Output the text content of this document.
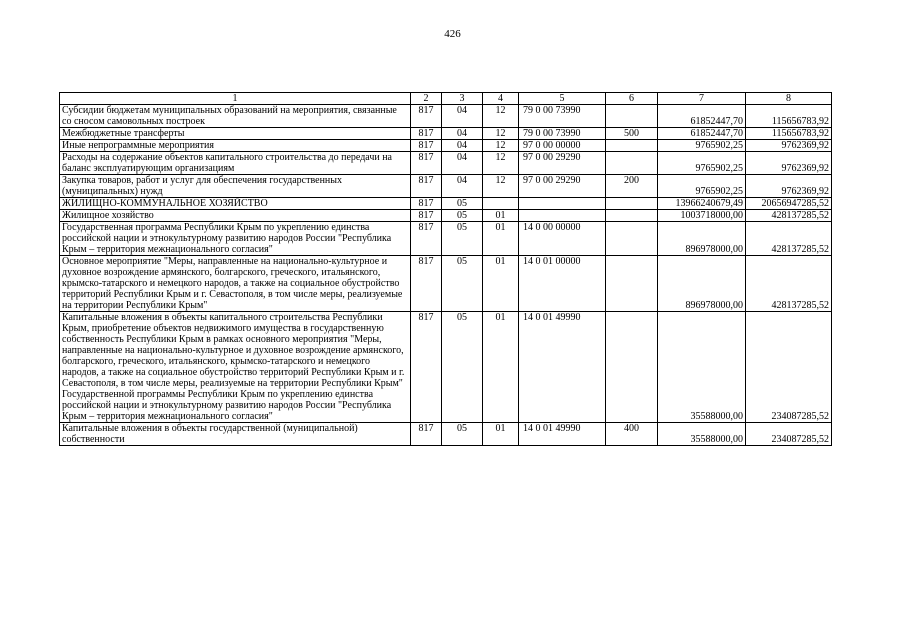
426
1	2	3	4	5	6	7	8
Субсидии бюджетам муниципальных образований на мероприятия, связанные со сносом самовольных построек	817	04	12	79 0 00 73990		61852447,70	115656783,92
Межбюджетные трансферты	817	04	12	79 0 00 73990	500	61852447,70	115656783,92
Иные непрограммные мероприятия	817	04	12	97 0 00 00000		9765902,25	9762369,92
Расходы на содержание объектов капитального строительства до передачи на баланс эксплуатирующим организациям	817	04	12	97 0 00 29290		9765902,25	9762369,92
Закупка товаров, работ и услуг для обеспечения государственных (муниципальных) нужд	817	04	12	97 0 00 29290	200	9765902,25	9762369,92
ЖИЛИЩНО-КОММУНАЛЬНОЕ ХОЗЯЙСТВО	817	05				13966240679,49	20656947285,52
Жилищное хозяйство	817	05	01			1003718000,00	428137285,52
Государственная программа Республики Крым по укреплению единства российской нации и этнокультурному развитию народов России "Республика Крым – территория межнационального согласия"	817	05	01	14 0 00 00000		896978000,00	428137285,52
Основное мероприятие "Меры, направленные на национально-культурное и духовное возрождение армянского, болгарского, греческого, итальянского, крымско-татарского и немецкого народов, а также на социальное обустройство территорий Республики Крым и г. Севастополя, в том числе меры, реализуемые на территории Республики Крым"	817	05	01	14 0 01 00000		896978000,00	428137285,52
Капитальные вложения в объекты капитального строительства Республики Крым, приобретение объектов недвижимого имущества в государственную собственность Республики Крым в рамках основного мероприятия "Меры, направленные на национально-культурное и духовное возрождение армянского, болгарского, греческого, итальянского, крымско-татарского и немецкого народов, а также на социальное обустройство территорий Республики Крым и г. Севастополя, в том числе меры, реализуемые на территории Республики Крым" Государственной программы Республики Крым по укреплению единства российской нации и этнокультурному развитию народов России "Республика Крым – территория межнационального согласия"	817	05	01	14 0 01 49990		35588000,00	234087285,52
Капитальные вложения в объекты государственной (муниципальной) собственности	817	05	01	14 0 01 49990	400	35588000,00	234087285,52
